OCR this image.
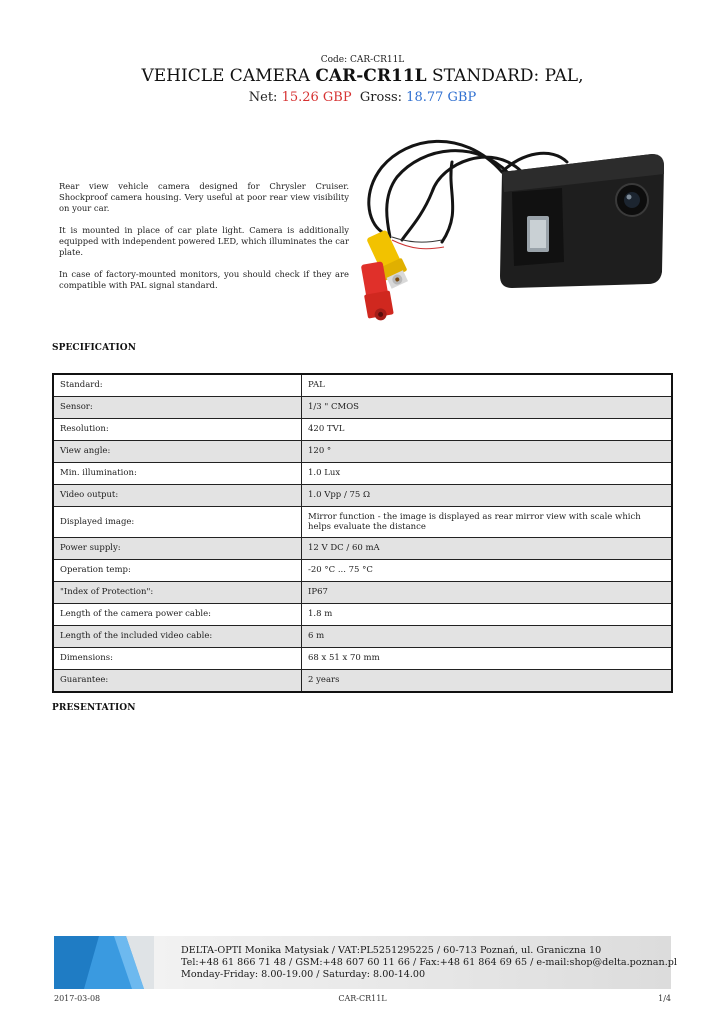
Code: CAR-CR11L
VEHICLE CAMERA CAR-CR11L STANDARD: PAL,
Net: 15.26 GBP Gross: 18.77 GBP

Rear view vehicle camera designed for Chrysler Cruiser. Shockproof camera housing. Very useful at poor rear view visibility on your car.

It is mounted in place of car plate light. Camera is additionally equipped with independent powered LED, which illuminates the car plate.

In case of factory-mounted monitors, you should check if they are compatible with PAL signal standard.

SPECIFICATION
Standard:	PAL
Sensor:	1/3 " CMOS
Resolution:	420 TVL
View angle:	120 °
Min. illumination:	1.0 Lux
Video output:	1.0 Vpp / 75 Ω
Displayed image:	Mirror function - the image is displayed as rear mirror view with scale which helps evaluate the distance
Power supply:	12 V DC / 60 mA
Operation temp:	-20 °C ... 75 °C
"Index of Protection":	IP67
Length of the camera power cable:	1.8 m
Length of the included video cable:	6 m
Dimensions:	68 x 51 x 70 mm
Guarantee:	2 years
PRESENTATION
DELTA-OPTI Monika Matysiak / VAT:PL5251295225 / 60-713 Poznań, ul. Graniczna 10
Tel:+48 61 866 71 48 / GSM:+48 607 60 11 66 / Fax:+48 61 864 69 65 / e-mail:shop@delta.poznan.pl
Monday-Friday: 8.00-19.00 / Saturday: 8.00-14.00
2017-03-08	CAR-CR11L	1/4
